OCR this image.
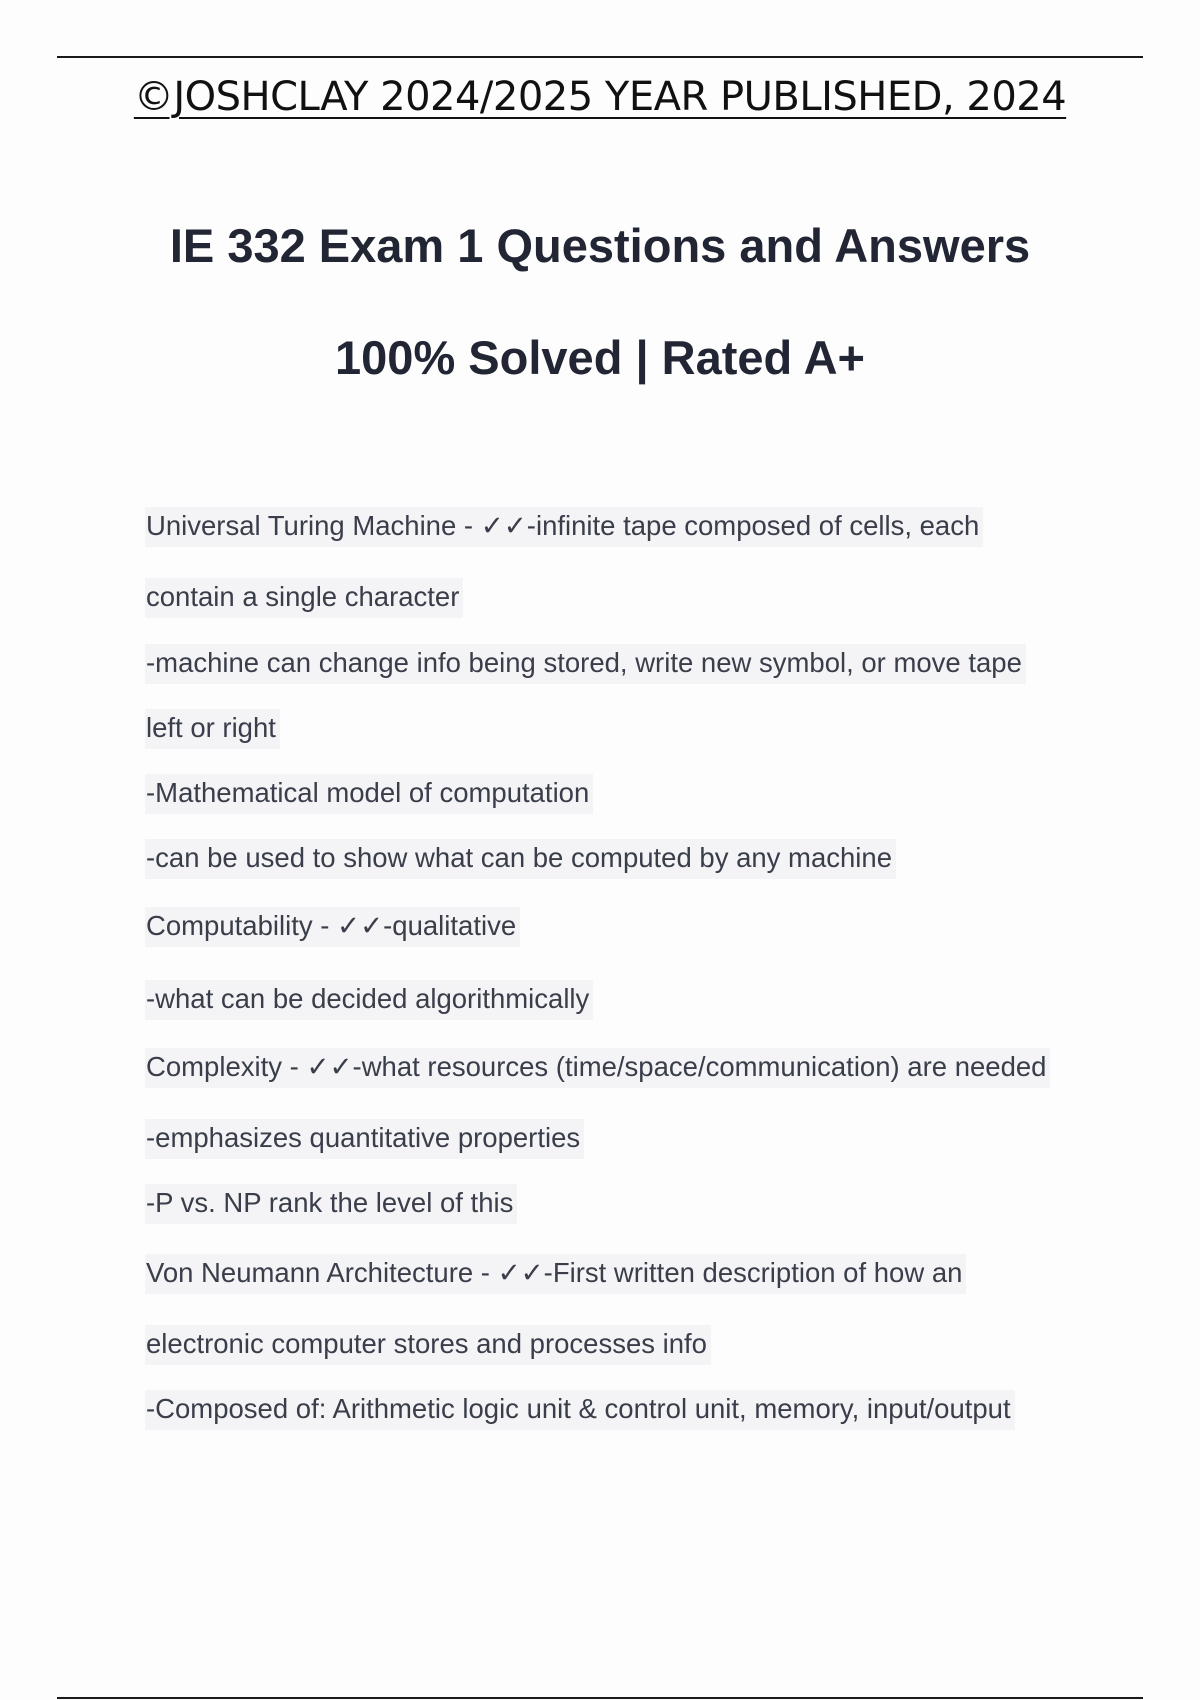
©JOSHCLAY 2024/2025 YEAR PUBLISHED, 2024
IE 332 Exam 1 Questions and Answers
100% Solved | Rated A+
Universal Turing Machine - ✓✓-infinite tape composed of cells, each
contain a single character
-machine can change info being stored, write new symbol, or move tape
left or right
-Mathematical model of computation
-can be used to show what can be computed by any machine
Computability - ✓✓-qualitative
-what can be decided algorithmically
Complexity - ✓✓-what resources (time/space/communication) are needed
-emphasizes quantitative properties
-P vs. NP rank the level of this
Von Neumann Architecture - ✓✓-First written description of how an
electronic computer stores and processes info
-Composed of: Arithmetic logic unit & control unit, memory, input/output
